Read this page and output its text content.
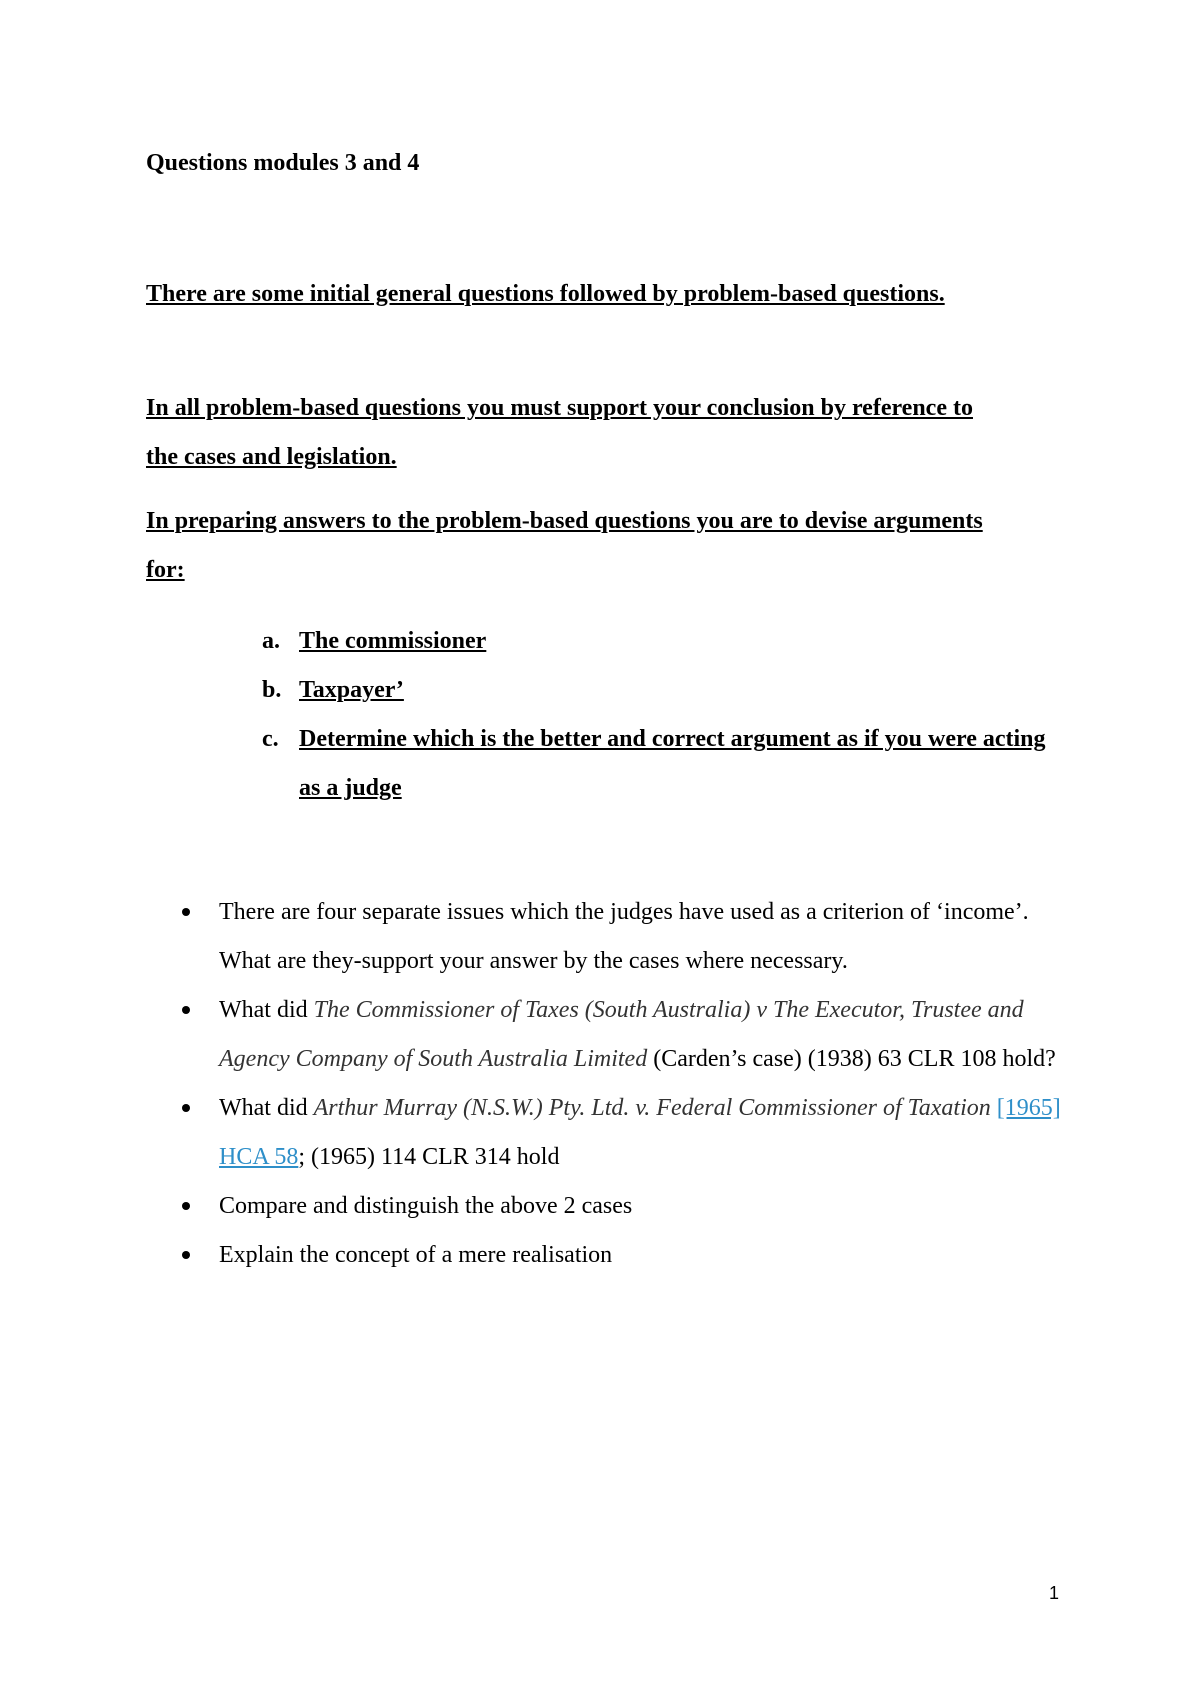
Questions modules 3 and 4

There are some initial general questions followed by problem-based questions.

In all problem-based questions you must support your conclusion by reference to the cases and legislation.

In preparing answers to the problem-based questions you are to devise arguments for:

a. The commissioner
b. Taxpayer’
c. Determine which is the better and correct argument as if you were acting as a judge
There are four separate issues which the judges have used as a criterion of ‘income’. What are they-support your answer by the cases where necessary.
What did The Commissioner of Taxes (South Australia) v The Executor, Trustee and Agency Company of South Australia Limited (Carden’s case) (1938) 63 CLR 108 hold?
What did Arthur Murray (N.S.W.) Pty. Ltd. v. Federal Commissioner of Taxation [1965] HCA 58; (1965) 114 CLR 314 hold
Compare and distinguish the above 2 cases
Explain the concept of a mere realisation
1
